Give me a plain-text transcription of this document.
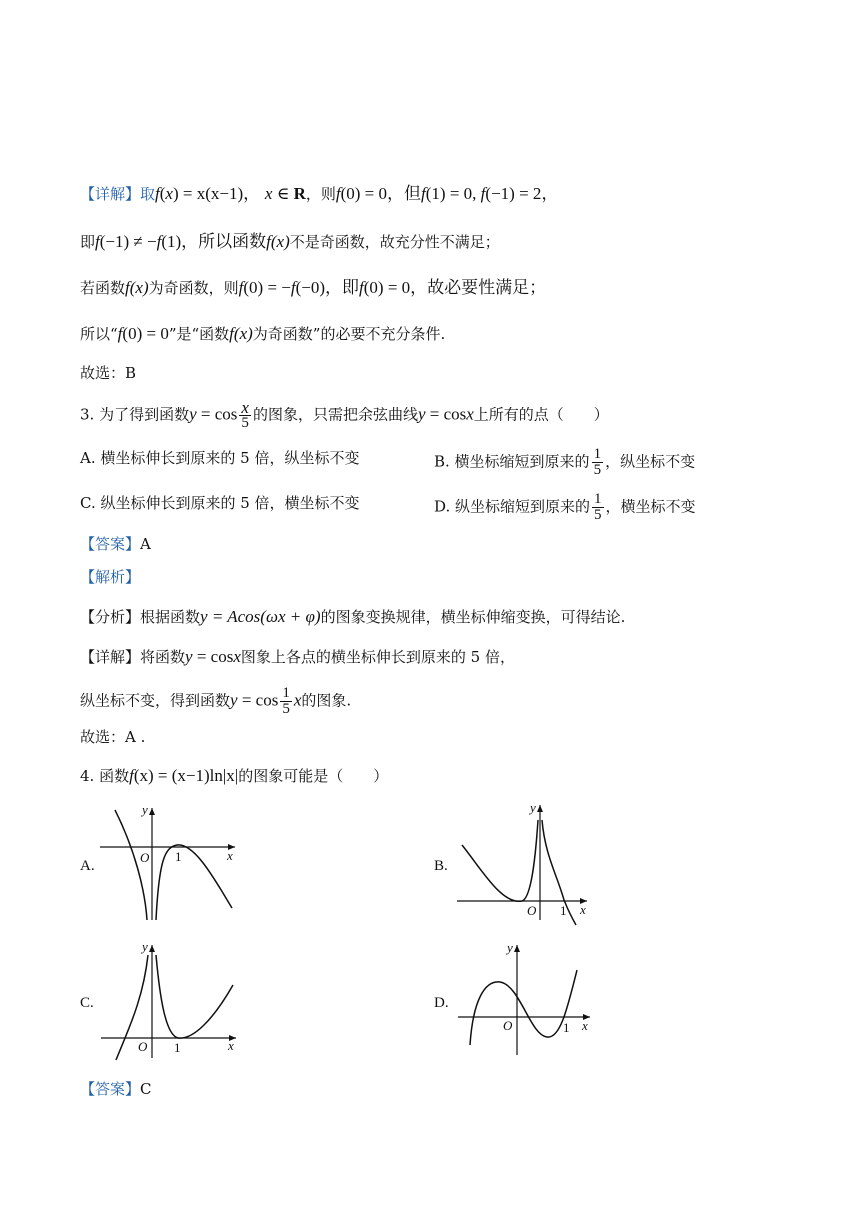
【详解】取f(x) = x(x−1)， x ∈ R，则f(0) = 0，但f(1) = 0, f(−1) = 2，
即f(−1) ≠ −f(1)，所以函数f(x)不是奇函数，故充分性不满足；
若函数f(x)为奇函数，则f(0) = −f(−0)，即f(0) = 0，故必要性满足；
所以“f(0) = 0”是“函数f(x)为奇函数”的必要不充分条件.
故选：B
3. 为了得到函数$y = \cos \frac{x}{5}$ 的图象，只需把余弦曲线y = cosx上所有的点（　　）
A. 横坐标伸长到原来的 5 倍，纵坐标不变	B. 横坐标缩短到原来的 $\frac{1}{5}$ ，纵坐标不变
C. 纵坐标伸长到原来的 5 倍，横坐标不变	D. 纵坐标缩短到原来的 $\frac{1}{5}$ ，横坐标不变
【答案】A
【解析】
【分析】根据函数y = Acos(ωx + φ)的图象变换规律，横坐标伸缩变换，可得结论.
【详解】将函数y = cosx图象上各点的横坐标伸长到原来的 5 倍，
纵坐标不变，得到函数$y = \cos \frac{1}{5}$ x的图象.
故选：A .
4. 函数f(x) = (x−1)ln|x|的图象可能是（　　）
A.	B.
C.	D.
O 1	x
y
O 1 x
y
O 1	x
y
O	1 x
y
【答案】C
